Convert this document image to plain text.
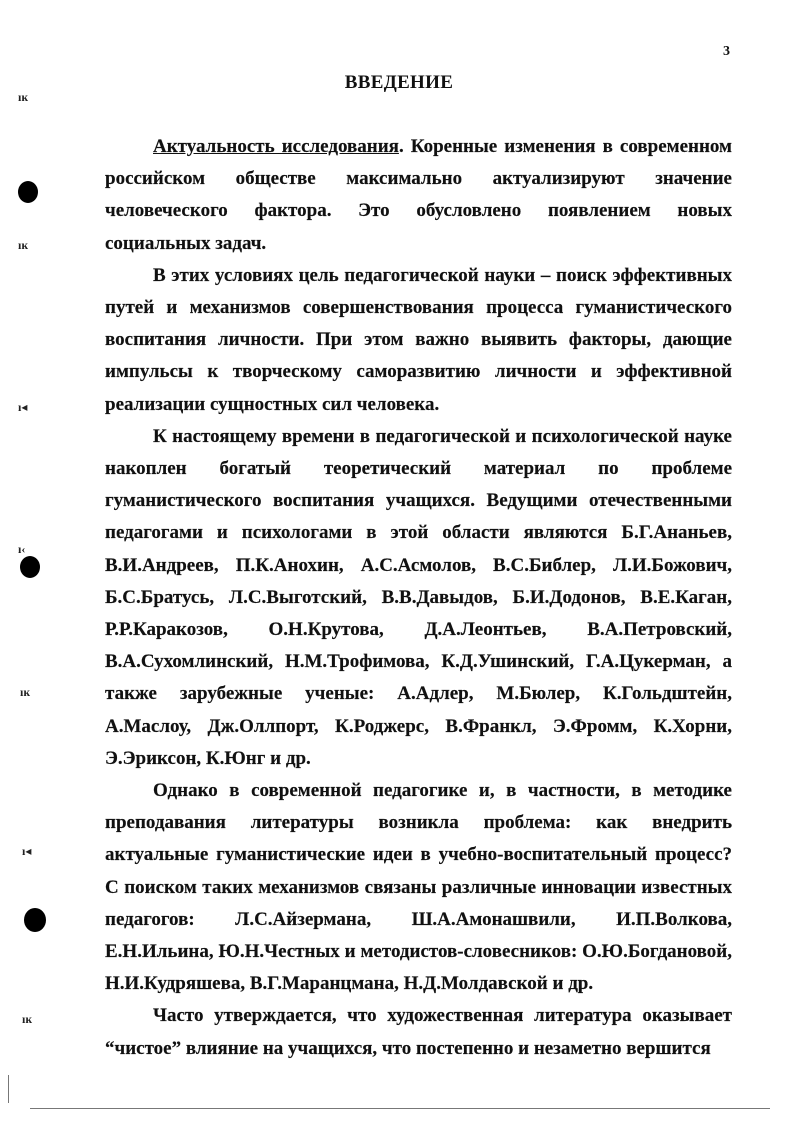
ıĸ
ıĸ
ı◂
ı‹
ıĸ
ı◂
ıĸ
3
ВВЕДЕНИЕ

Актуальность исследования. Коренные изменения в современном российском обществе максимально актуализируют значение человеческого фактора. Это обусловлено появлением новых социальных задач.

В этих условиях цель педагогической науки – поиск эффективных путей и механизмов совершенствования процесса гуманистического воспитания личности. При этом важно выявить факторы, дающие импульсы к творческому саморазвитию личности и эффективной реализации сущностных сил человека.

К настоящему времени в педагогической и психологической науке накоплен богатый теоретический материал по проблеме гуманистического воспитания учащихся. Ведущими отечественными педагогами и психологами в этой области являются Б.Г.Ананьев, В.И.Андреев, П.К.Анохин, А.С.Асмолов, В.С.Библер, Л.И.Божович, Б.С.Братусь, Л.С.Выготский, В.В.Давыдов, Б.И.Додонов, В.Е.Каган, Р.Р.Каракозов, О.Н.Крутова, Д.А.Леонтьев, В.А.Петровский, В.А.Сухомлинский, Н.М.Трофимова, К.Д.Ушинский, Г.А.Цукерман, а также зарубежные ученые: А.Адлер, М.Бюлер, К.Гольдштейн, А.Маслоу, Дж.Оллпорт, К.Роджерс, В.Франкл, Э.Фромм, К.Хорни, Э.Эриксон, К.Юнг и др.

Однако в современной педагогике и, в частности, в методике преподавания литературы возникла проблема: как внедрить актуальные гуманистические идеи в учебно-воспитательный процесс? С поиском таких механизмов связаны различные инновации известных педагогов: Л.С.Айзермана, Ш.А.Амонашвили, И.П.Волкова, Е.Н.Ильина, Ю.Н.Честных и методистов-словесников: О.Ю.Богдановой, Н.И.Кудряшева, В.Г.Маранцмана, Н.Д.Молдавской и др.

Часто утверждается, что художественная литература оказывает “чистое” влияние на учащихся, что постепенно и незаметно вершится
